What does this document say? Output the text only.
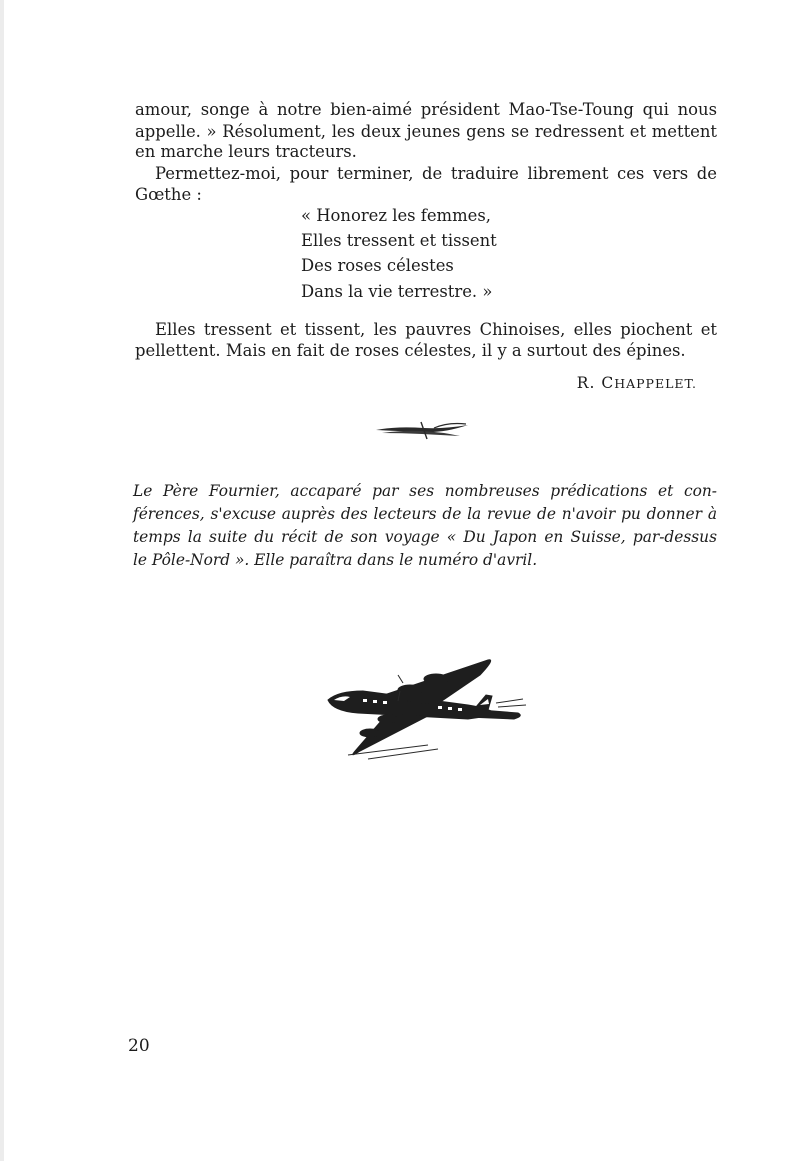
amour, songe à notre bien-aimé président Mao-Tse-Toung qui nous

appelle. » Résolument, les deux jeunes gens se redressent et mettent

en marche leurs tracteurs.

Permettez-moi, pour terminer, de traduire librement ces vers de

Gœthe :

« Honorez les femmes,

Elles tressent et tissent

Des roses célestes

Dans la vie terrestre. »

Elles tressent et tissent, les pauvres Chinoises, elles piochent et

pellettent. Mais en fait de roses célestes, il y a surtout des épines.

R. CHAPPELET.

Le Père Fournier, accaparé par ses nombreuses prédications et con-

férences, s'excuse auprès des lecteurs de la revue de n'avoir pu donner à

temps la suite du récit de son voyage « Du Japon en Suisse, par-dessus

le Pôle-Nord ». Elle paraîtra dans le numéro d'avril.

20
